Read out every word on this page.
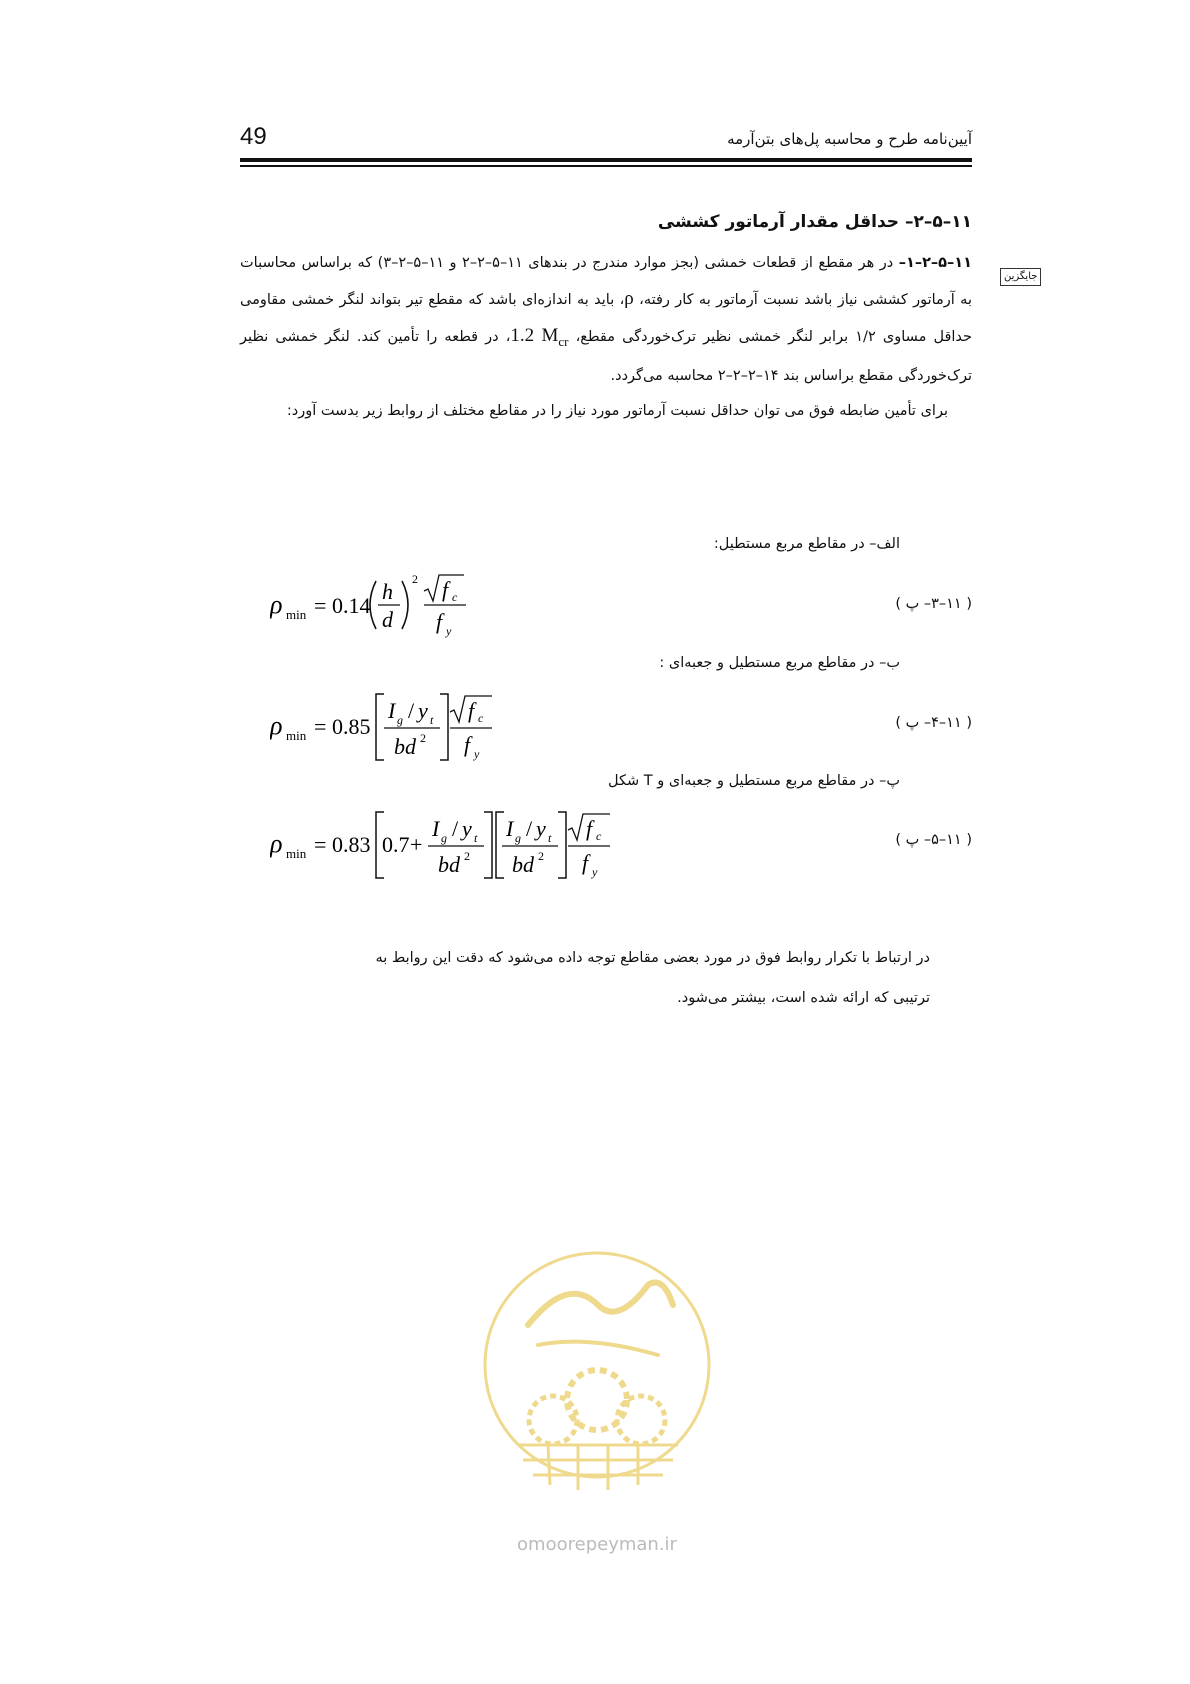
49	آیین‌نامه طرح و محاسبه پل‌های بتن‌آرمه
جایگزین

۱۱–۵–۲– حداقل مقدار آرماتور کششی

۱۱–۵–۲–۱– در هر مقطع از قطعات خمشی (بجز موارد مندرج در بندهای ۱۱–۵–۲–۲ و ۱۱–۵–۲–۳) که براساس محاسبات به آرماتور کششی نیاز باشد نسبت آرماتور به کار رفته، ρ، باید به اندازه‌ای باشد که مقطع تیر بتواند لنگر خمشی مقاومی حداقل مساوی ۱/۲ برابر لنگر خمشی نظیر ترک‌خوردگی مقطع، 1.2 $M_{cr}،$ در قطعه را تأمین کند. لنگر خمشی نظیر ترک‌خوردگی مقطع براساس بند ۱۴–۲–۲–۲ محاسبه می‌گردد.

برای تأمین ضابطه فوق می توان حداقل نسبت آرماتور مورد نیاز را در مقاطع مختلف از روابط زیر بدست آورد:

الف– در مقاطع مربع مستطیل:
( ۱۱–۳– پ )
ρ min = 0.14
h
d
2 f c
f y
ب– در مقاطع مربع مستطیل و جعبه‌ای :
( ۱۱–۴– پ )
ρ min = 0.85
I g / y t
bd 2
f c
f y
پ– در مقاطع مربع مستطیل و جعبه‌ای و T شکل
( ۱۱–۵– پ )
ρ min = 0.83 0.7 +
I g / y t
bd 2
I g / y t
bd 2
f c
f y

در ارتباط با تکرار روابط فوق در مورد بعضی مقاطع توجه داده می‌شود که دقت این روابط به

ترتیبی که ارائه شده است، بیشتر می‌شود.

omoorepeyman.ir
